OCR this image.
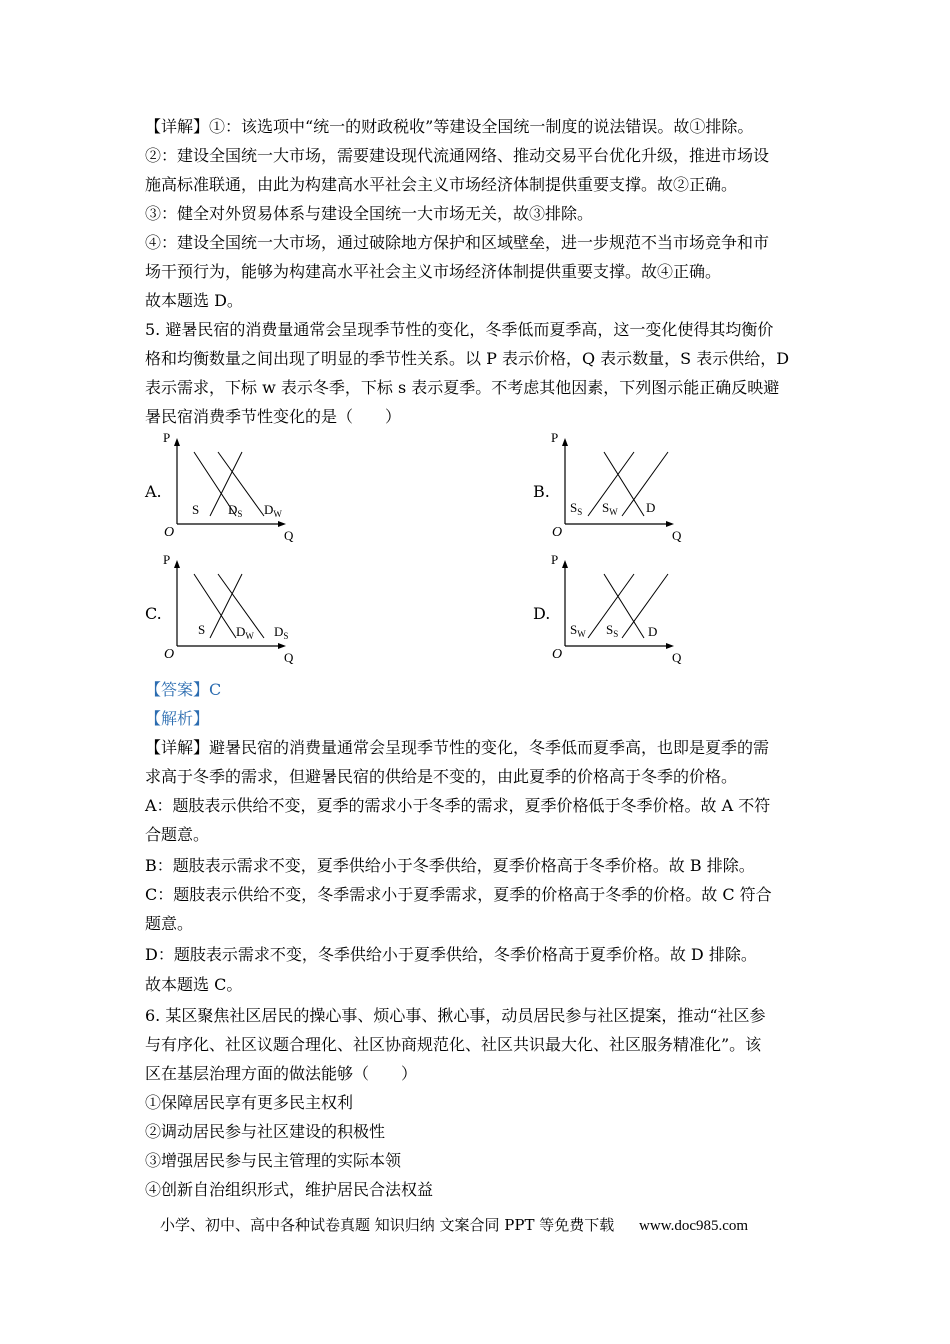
【详解】①：该选项中“统一的财政税收”等建设全国统一制度的说法错误。故①排除。
②：建设全国统一大市场，需要建设现代流通网络、推动交易平台优化升级，推进市场设
施高标准联通，由此为构建高水平社会主义市场经济体制提供重要支撑。故②正确。
③：健全对外贸易体系与建设全国统一大市场无关，故③排除。
④：建设全国统一大市场，通过破除地方保护和区域壁垒，进一步规范不当市场竞争和市
场干预行为，能够为构建高水平社会主义市场经济体制提供重要支撑。故④正确。
故本题选 D。
5. 避暑民宿的消费量通常会呈现季节性的变化，冬季低而夏季高，这一变化使得其均衡价
格和均衡数量之间出现了明显的季节性关系。以 P 表示价格，Q 表示数量，S 表示供给，D
表示需求，下标 w 表示冬季，下标 s 表示夏季。不考虑其他因素，下列图示能正确反映避
暑民宿消费季节性变化的是（　　）
A.
P
O	Q
S $D_S$ $D_W$
B.
P
O	Q
$S_S$ $S_W$ D
C.
P
O	Q
S $D_W$ $D_S$
D.
P
O	Q
$S_W$ $S_S$ D
【答案】C
【解析】
【详解】避暑民宿的消费量通常会呈现季节性的变化，冬季低而夏季高，也即是夏季的需
求高于冬季的需求，但避暑民宿的供给是不变的，由此夏季的价格高于冬季的价格。
A：题肢表示供给不变，夏季的需求小于冬季的需求，夏季价格低于冬季价格。故 A 不符
合题意。
B：题肢表示需求不变，夏季供给小于冬季供给，夏季价格高于冬季价格。故 B 排除。
C：题肢表示供给不变，冬季需求小于夏季需求，夏季的价格高于冬季的价格。故 C 符合
题意。
D：题肢表示需求不变，冬季供给小于夏季供给，冬季价格高于夏季价格。故 D 排除。
故本题选 C。
6. 某区聚焦社区居民的操心事、烦心事、揪心事，动员居民参与社区提案，推动“社区参
与有序化、社区议题合理化、社区协商规范化、社区共识最大化、社区服务精准化”。该
区在基层治理方面的做法能够（　　）
①保障居民享有更多民主权利
②调动居民参与社区建设的积极性
③增强居民参与民主管理的实际本领
④创新自治组织形式，维护居民合法权益
小学、初中、高中各种试卷真题 知识归纳 文案合同 PPT 等免费下载 www.doc985.com
